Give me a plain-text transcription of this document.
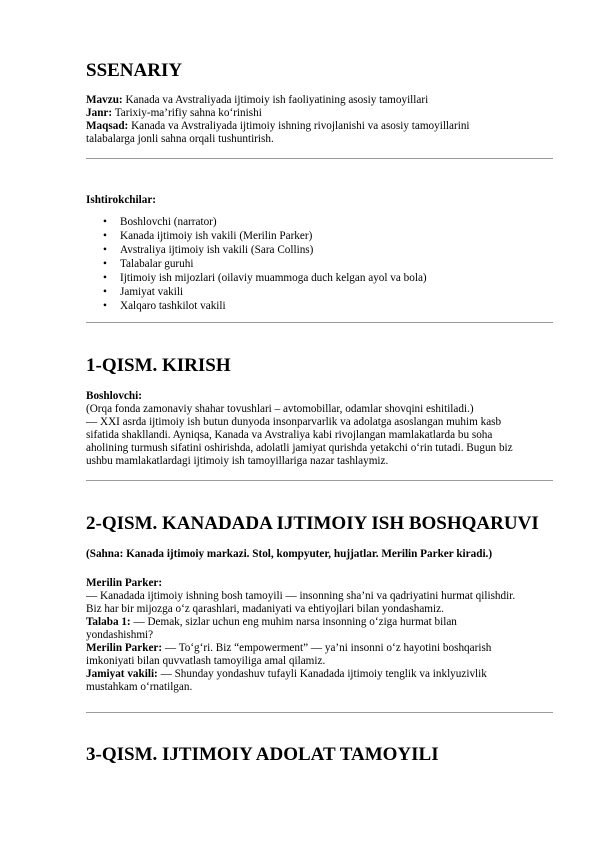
SSENARIY
Mavzu: Kanada va Avstraliyada ijtimoiy ish faoliyatining asosiy tamoyillari
Janr: Tarixiy-ma’rifiy sahna ko‘rinishi
Maqsad: Kanada va Avstraliyada ijtimoiy ishning rivojlanishi va asosiy tamoyillarini
talabalarga jonli sahna orqali tushuntirish.
Ishtirokchilar:
• Boshlovchi (narrator)
• Kanada ijtimoiy ish vakili (Merilin Parker)
• Avstraliya ijtimoiy ish vakili (Sara Collins)
• Talabalar guruhi
• Ijtimoiy ish mijozlari (oilaviy muammoga duch kelgan ayol va bola)
• Jamiyat vakili
• Xalqaro tashkilot vakili
1-QISM. KIRISH
Boshlovchi:
(Orqa fonda zamonaviy shahar tovushlari – avtomobillar, odamlar shovqini eshitiladi.)
— XXI asrda ijtimoiy ish butun dunyoda insonparvarlik va adolatga asoslangan muhim kasb
sifatida shakllandi. Ayniqsa, Kanada va Avstraliya kabi rivojlangan mamlakatlarda bu soha
aholining turmush sifatini oshirishda, adolatli jamiyat qurishda yetakchi o‘rin tutadi. Bugun biz
ushbu mamlakatlardagi ijtimoiy ish tamoyillariga nazar tashlaymiz.
2-QISM. KANADADA IJTIMOIY ISH BOSHQARUVI
(Sahna: Kanada ijtimoiy markazi. Stol, kompyuter, hujjatlar. Merilin Parker kiradi.)
Merilin Parker:
— Kanadada ijtimoiy ishning bosh tamoyili — insonning sha’ni va qadriyatini hurmat qilishdir.
Biz har bir mijozga o‘z qarashlari, madaniyati va ehtiyojlari bilan yondashamiz.
Talaba 1: — Demak, sizlar uchun eng muhim narsa insonning o‘ziga hurmat bilan
yondashishmi?
Merilin Parker: — To‘g‘ri. Biz “empowerment” — ya’ni insonni o‘z hayotini boshqarish
imkoniyati bilan quvvatlash tamoyiliga amal qilamiz.
Jamiyat vakili: — Shunday yondashuv tufayli Kanadada ijtimoiy tenglik va inklyuzivlik
mustahkam o‘rnatilgan.
3-QISM. IJTIMOIY ADOLAT TAMOYILI
